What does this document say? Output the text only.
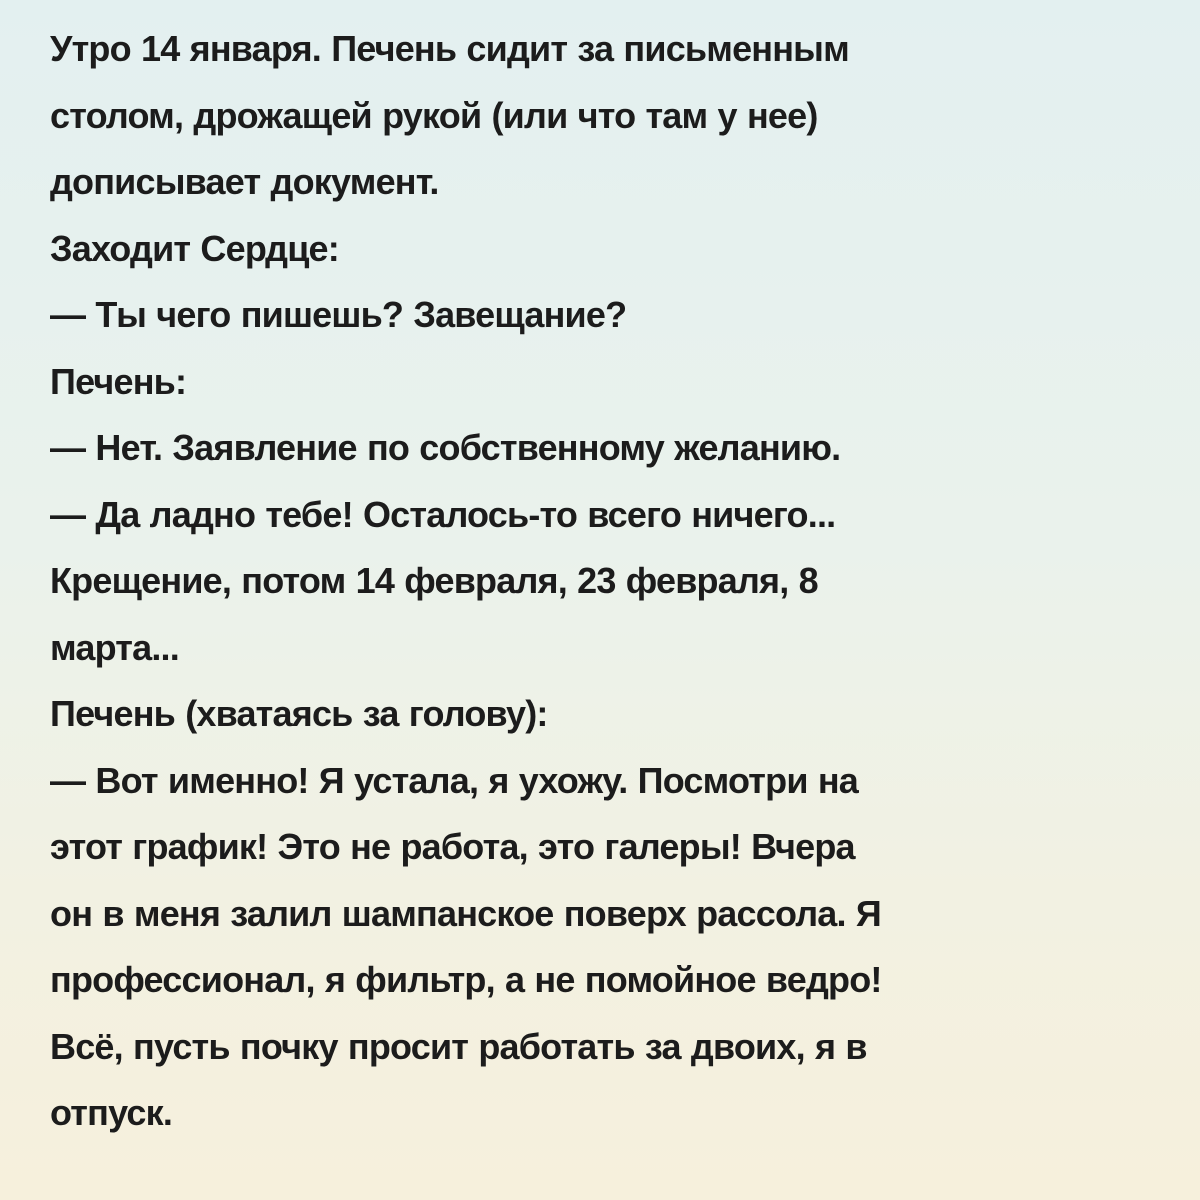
Утро 14 января. Печень сидит за письменным
столом, дрожащей рукой (или что там у нее)
дописывает документ.
Заходит Сердце:
— Ты чего пишешь? Завещание?
Печень:
— Нет. Заявление по собственному желанию.
— Да ладно тебе! Осталось-то всего ничего...
Крещение, потом 14 февраля, 23 февраля, 8
марта...
Печень (хватаясь за голову):
— Вот именно! Я устала, я ухожу. Посмотри на
этот график! Это не работа, это галеры! Вчера
он в меня залил шампанское поверх рассола. Я
профессионал, я фильтр, а не помойное ведро!
Всё, пусть почку просит работать за двоих, я в
отпуск.
